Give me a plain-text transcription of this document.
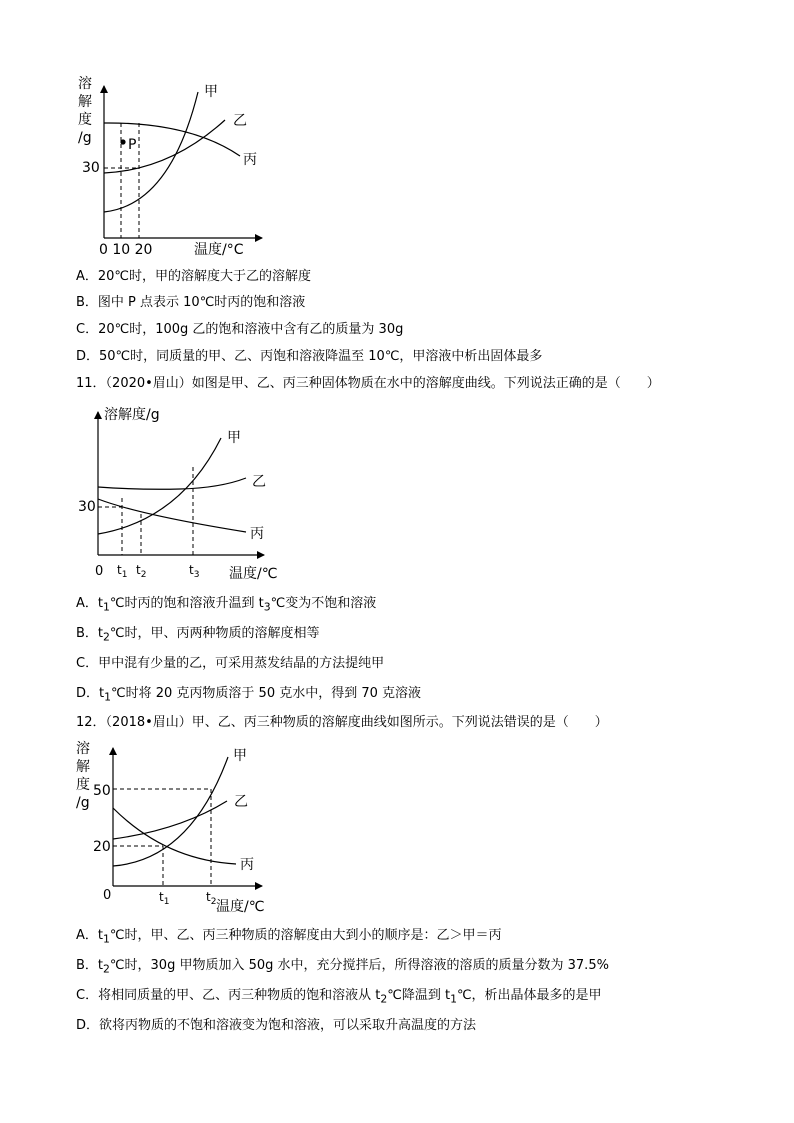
溶
解
度
/g
30
P
甲
乙
丙
0 10 20	温度/°C
溶解度/g
30
甲
乙
丙
0 $t_1$ $t_2$	$t_3$ 温度/℃
溶
解
度
/g
50
20
甲
乙
丙
0	$t_1$	$t_2$ 温度/℃
A．20℃时，甲的溶解度大于乙的溶解度
B．图中 P 点表示 10℃时丙的饱和溶液
C．20℃时，100g 乙的饱和溶液中含有乙的质量为 30g
D．50℃时，同质量的甲、乙、丙饱和溶液降温至 10℃，甲溶液中析出固体最多
11．（2020•眉山）如图是甲、乙、丙三种固体物质在水中的溶解度曲线。下列说法正确的是（　　）
A．$t_1℃$时丙的饱和溶液升温到 $t_3℃$变为不饱和溶液
B．$t_2℃$时，甲、丙两种物质的溶解度相等
C．甲中混有少量的乙，可采用蒸发结晶的方法提纯甲
D．$t_1℃$时将 20 克丙物质溶于 50 克水中，得到 70 克溶液
12．（2018•眉山）甲、乙、丙三种物质的溶解度曲线如图所示。下列说法错误的是（　　）
A．$t_1℃$时，甲、乙、丙三种物质的溶解度由大到小的顺序是：乙＞甲＝丙
B．$t_2℃$时，30g 甲物质加入 50g 水中，充分搅拌后，所得溶液的溶质的质量分数为 37.5%
C．将相同质量的甲、乙、丙三种物质的饱和溶液从 $t_2℃$降温到 $t_1℃$，析出晶体最多的是甲
D．欲将丙物质的不饱和溶液变为饱和溶液，可以采取升高温度的方法
